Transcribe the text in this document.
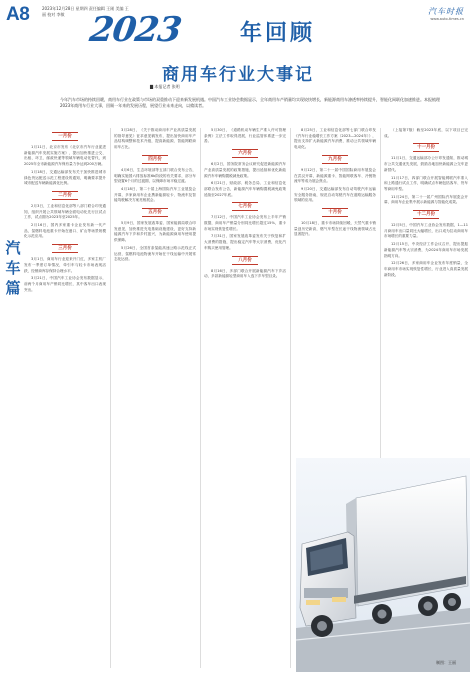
A8	2023年12月28日 星期四 责任编辑 王刚 美编 王丽 校对 李敏	汽车时报
www.auto-times.cn
2023	年回顾
商用车行业大事记
▇ 本报记者 张明
今年汽车市场的持续回暖，商用车行业在政策与市场的双重推动下迎来新发展机遇。中国汽车工业协会数据显示，全年商用车产销量均实现较快增长，新能源商用车渗透率持续提升，智能化网联化加速推进。本报梳理2023年商用车行业大事，回顾一年来的发展历程，展望行业未来走向，以飨读者。
汽
车
篇
一月份

1月11日，北京市发布《北京市汽车行业促进新能源汽车发展实施方案》，提出加快推进公交、出租、环卫、邮政快递等领域车辆电动化替代，到2025年全市新能源汽车保有量力争达到200万辆。

1月18日，交通运输部发布关于加快推进城市绿色货运配送示范工程建设的通知，明确要求提升城市配送车辆新能源化比例。

二月份

2月3日，工业和信息化部等八部门联合印发通知，组织开展公共领域车辆全面电动化先行区试点工作，试点期为2023年至2025年。

2月16日，国内多家重卡企业发布新一代产品，氢燃料电池重卡开始在港口、矿山等场景规模化示范应用。

三月份

3月1日，商用车行业迎来开门红，多家主机厂发布一季度订单情况，牵引车与轻卡市场表现活跃，经销商库存保持合理水平。

3月21日，中国汽车工业协会发布数据显示，前两个月商用车产销同比增长，其中客车出口表现突出。

3月28日，《关于推动商用车产业高质量发展的指导意见》征求意见稿发布，提出加快商用车产品结构调整和技术升级，提高新能源、智能网联商用车占比。

四月份

4月6日，生态环境部等五部门联合发布公告，明确实施国六排放标准6b阶段的有关要求，部分车型设置6个月的过渡期，以保障市场平稳过渡。

4月18日，第二十届上海国际汽车工业展览会开幕，多家商用车企业携新能源轻卡、物流车及智能驾驶解决方案亮相展会。

五月份

5月9日，国家发展改革委、国家能源局联合印发意见，加快推进充电基础设施建设，更好支持新能源汽车下乡和乡村振兴，为新能源商用车使用提供保障。

5月26日，全国首条氢能高速公路示范线正式运营，氢燃料电池物流车开始在干线运输中开展常态化运营。

5月30日，《道路机动车辆生产准入许可管理条例》立法工作取得进展，行业监管体系进一步完善。

六月份

6月2日，国务院常务会议研究促进新能源汽车产业高质量发展的政策措施，提出延续和优化新能源汽车车辆购置税减免政策。

6月21日，财政部、税务总局、工业和信息化部联合发布公告，新能源汽车车辆购置税减免政策延续至2027年底。

七月份

7月12日，中国汽车工业协会发布上半年产销数据，商用车产销量分别同比增长超过15%，重卡市场实现恢复性增长。

7月31日，国家发展改革委发布关于恢复和扩大消费的措施，提出稳定汽车等大宗消费，优化汽车购买使用管理。

八月份

8月16日，多部门联合开展新能源汽车下乡活动，多款新能源轻型商用车入选下乡车型目录。

8月25日，工业和信息化部等七部门联合印发《汽车行业稳增长工作方案（2023—2024年）》，提出支持扩大新能源汽车消费，推动公共领域车辆电动化。

九月份

9月12日，第二十一届中国国际商用车展览会在武汉开幕，新能源重卡、智能网联客车、冷链物流车等成为展会焦点。

9月20日，交通运输部发布自动驾驶汽车运输安全服务指南，规范自动驾驶汽车在道路运输服务领域的应用。

十月份

10月18日，重卡市场持续回暖，天然气重卡销量创历史新高，燃气车型在长途干线物流领域占比显著提升。

（上接第7版）截至2023年底，以下项目已完成。

十一月份

11月1日，交通运输部办公厅印发通知，推动城市公共交通优先发展，鼓励各地加快新能源公交车更新替代。

11月17日，四部门联合开展智能网联汽车准入和上路通行试点工作，明确试点车辆包括客车、货车等商用车型。

11月24日，第二十一届广州国际汽车展览会开幕，商用车企业集中展示新能源与智能化成果。

十二月份

12月5日，中国汽车工业协会发布数据，1—11月商用车出口量同比大幅增长，出口成为拉动商用车市场增长的重要力量。

12月15日，中央经济工作会议召开，提出提振新能源汽车等大宗消费，为2024年商用车市场发展指明方向。

12月26日，多家商用车企业发布年度销量，全年商用车市场实现恢复性增长，行业进入高质量发展新阶段。

制图：王丽
